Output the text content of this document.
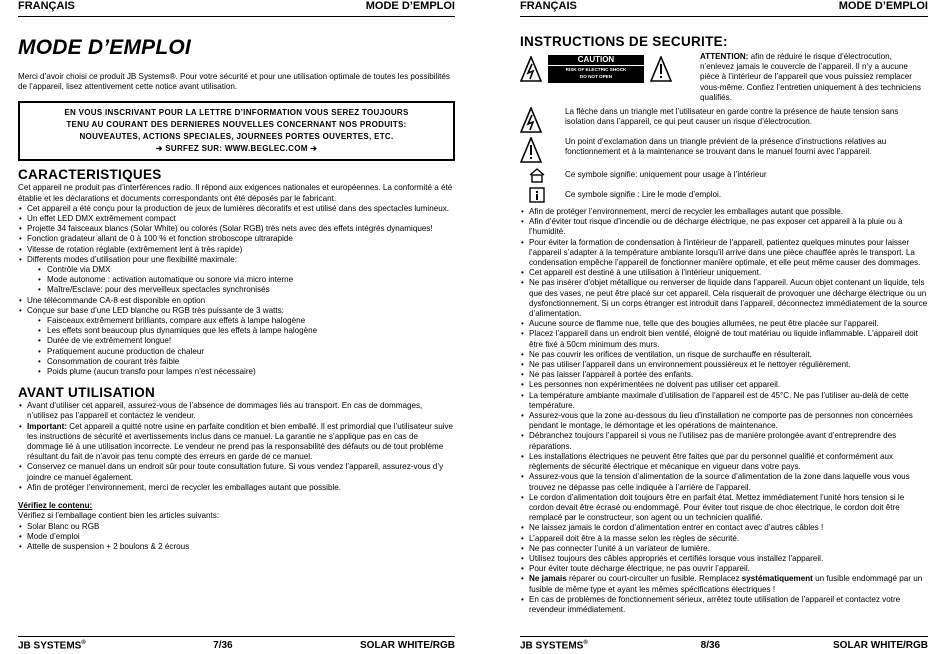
FRANÇAIS	MODE D’EMPLOI
MODE D’EMPLOI

Merci d’avoir choisi ce produit JB Systems®. Pour votre sécurité et pour une utilisation optimale de toutes les possibilités de l’appareil, lisez attentivement cette notice avant utilisation.

EN VOUS INSCRIVANT POUR LA LETTRE D’INFORMATION VOUS SEREZ TOUJOURS

TENU AU COURANT DES DERNIERES NOUVELLES CONCERNANT NOS PRODUITS:

NOUVEAUTES, ACTIONS SPECIALES, JOURNEES PORTES OUVERTES, ETC.

➔ SURFEZ SUR: WWW.BEGLEC.COM ➔

CARACTERISTIQUES

Cet appareil ne produit pas d’interférences radio. Il répond aux exigences nationales et européennes. La conformité a été établie et les déclarations et documents correspondants ont été déposés par le fabricant.

• Cet appareil a été conçu pour la production de jeux de lumières décoratifs et est utilisé dans des spectacles lumineux.
• Un effet LED DMX extrêmement compact
• Projette 34 faisceaux blancs (Solar White) ou colorés (Solar RGB) très nets avec des effets intégrés dynamiques!
• Fonction gradateur allant de 0 à 100 % et fonction stroboscope ultrarapide
• Vitesse de rotation réglable (extrêmement lent à très rapide)
• Differents modes d’utilisation pour une flexibilité maximale:
• Contrôle via DMX
• Mode autonome : activation automatique ou sonore via micro interne
• Maître/Esclave: pour des merveilleux spectacles synchronisés
• Une télécommande CA-8 est disponible en option
• Conçue sur base d’une LED blanche ou RGB très puissante de 3 watts:
• Faisceaux extrêmement brilliants, compare aux effets à lampe halogène
• Les effets sont beaucoup plus dynamiques que les effets à lampe halogène
• Durée de vie extrêmement longue!
• Pratiquement aucune production de chaleur
• Consommation de courant très faible
• Poids plume (aucun transfo pour lampes n’est nécessaire)
AVANT UTILISATION
• Avant d’utiliser cet appareil, assurez-vous de l’absence de dommages liés au transport. En cas de dommages, n’utilisez pas l’appareil et contactez le vendeur.
• Important: Cet appareil a quitté notre usine en parfaite condition et bien emballé. Il est primordial que l’utilisateur suive les instructions de sécurité et avertissements inclus dans ce manuel. La garantie ne s’applique pas en cas de dommage lié à une utilisation incorrecte. Le vendeur ne prend pas la responsabilité des défauts ou de tout problème résultant du fait de n’avoir pas tenu compte des erreurs en garde de ce manuel.
• Conservez ce manuel dans un endroit sûr pour toute consultation future. Si vous vendez l’appareil, assurez-vous d’y joindre ce manuel également.
• Afin de protéger l’environnement, merci de recycler les emballages autant que possible.

Vérifiez le contenu:

Vérifiez si l’emballage contient bien les articles suivants:

• Solar Blanc ou RGB
• Mode d’emploi
• Attelle de suspension + 2 boulons & 2 écrous
JB SYSTEMS®	7/36	SOLAR WHITE/RGB
FRANÇAIS	MODE D’EMPLOI
INSTRUCTIONS DE SECURITE:
CAUTION
RISK OF ELECTRIC SHOCK
DO NOT OPEN

ATTENTION: afin de réduire le risque d’électrocution, n’enlevez jamais le couvercle de l’appareil. Il n’y a aucune pièce à l’intérieur de l’appareil que vous puissiez remplacer vous-même. Confiez l’entretien uniquement à des techniciens qualifiés.

La flèche dans un triangle met l’utilisateur en garde contre la présence de haute tension sans isolation dans l’appareil, ce qui peut causer un risque d’électrocution.

Un point d’exclamation dans un triangle prévient de la présence d’instructions relatives au fonctionnement et à la maintenance se trouvant dans le manuel fourni avec l’appareil.

Ce symbole signifie: uniquement pour usage à l’intérieur

Ce symbole signifie : Lire le mode d’emploi.

• Afin de protéger l’environnement, merci de recycler les emballages autant que possible.
• Afin d’éviter tout risque d’incendie ou de décharge électrique, ne pas exposer cet appareil à la pluie ou à l’humidité.
• Pour éviter la formation de condensation à l’intérieur de l’appareil, patientez quelques minutes pour laisser l’appareil s’adapter à la température ambiante lorsqu’il arrive dans une pièce chauffée après le transport. La condensation empêche l’appareil de fonctionner manière optimale, et elle peut même causer des dommages.
• Cet appareil est destiné à une utilisation à l’intérieur uniquement.
• Ne pas insérer d’objet métallique ou renverser de liquide dans l’appareil. Aucun objet contenant un liquide, tels que des vases, ne peut être placé sur cet appareil. Cela risquerait de provoquer une décharge électrique ou un dysfonctionnement. Si un corps étranger est introduit dans l’appareil, déconnectez immédiatement de la source d’alimentation.
• Aucune source de flamme nue, telle que des bougies allumées, ne peut être placée sur l’appareil.
• Placez l’appareil dans un endroit bien ventilé, éloigné de tout matériau ou liquide inflammable. L’appareil doit être fixé à 50cm minimum des murs.
• Ne pas couvrir les orifices de ventilation, un risque de surchauffe en résulterait.
• Ne pas utiliser l’appareil dans un environnement poussiéreux et le nettoyer régulièrement.
• Ne pas laisser l’appareil à portée des enfants.
• Les personnes non expérimentées ne doivent pas utiliser cet appareil.
• La température ambiante maximale d’utilisation de l’appareil est de 45°C. Ne pas l’utiliser au-delà de cette température.
• Assurez-vous que la zone au-dessous du lieu d’installation ne comporte pas de personnes non concernées pendant le montage, le démontage et les opérations de maintenance.
• Débranchez toujours l’appareil si vous ne l’utilisez pas de manière prolongée avant d’entreprendre des réparations.
• Les installations électriques ne peuvent être faites que par du personnel qualifié et conformément aux règlements de sécurité électrique et mécanique en vigueur dans votre pays.
• Assurez-vous que la tension d’alimentation de la source d’alimentation de la zone dans laquelle vous vous trouvez ne dépasse pas celle indiquée à l’arrière de l’appareil.
• Le cordon d’alimentation doit toujours être en parfait état. Mettez immédiatement l’unité hors tension si le cordon devait être écrasé ou endommagé. Pour éviter tout risque de choc électrique, le cordon doit être remplacé par le constructeur, son agent ou un technicien qualifié.
• Ne laissez jamais le cordon d’alimentation entrer en contact avec d’autres câbles !
• L’appareil doit être à la masse selon les règles de sécurité.
• Ne pas connecter l’unité à un variateur de lumière.
• Utilisez toujours des câbles appropriés et certifiés lorsque vous installez l’appareil.
• Pour éviter toute décharge électrique, ne pas ouvrir l’appareil.
• Ne jamais réparer ou court-circuiter un fusible. Remplacez systématiquement un fusible endommagé par un fusible de même type et ayant les mêmes spécifications électriques !
• En cas de problèmes de fonctionnement sérieux, arrêtez toute utilisation de l’appareil et contactez votre revendeur immédiatement.
JB SYSTEMS®	8/36	SOLAR WHITE/RGB
